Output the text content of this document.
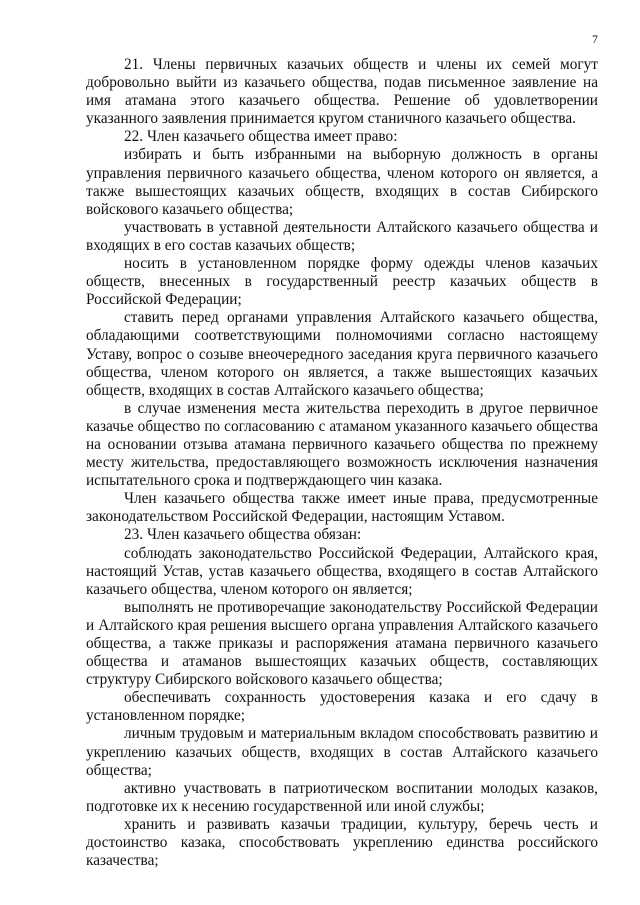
7

21. Члены первичных казачьих обществ и члены их семей могут добровольно выйти из казачьего общества, подав письменное заявление на имя атамана этого казачьего общества. Решение об удовлетворении указанного заявления принимается кругом станичного казачьего общества.

22. Член казачьего общества имеет право:

избирать и быть избранными на выборную должность в органы управления первичного казачьего общества, членом которого он является, а также вышестоящих казачьих обществ, входящих в состав Сибирского войскового казачьего общества;

участвовать в уставной деятельности Алтайского казачьего общества и входящих в его состав казачьих обществ;

носить в установленном порядке форму одежды членов казачьих обществ, внесенных в государственный реестр казачьих обществ в Российской Федерации;

ставить перед органами управления Алтайского казачьего общества, обладающими соответствующими полномочиями согласно настоящему Уставу, вопрос о созыве внеочередного заседания круга первичного казачьего общества, членом которого он является, а также вышестоящих казачьих обществ, входящих в состав Алтайского казачьего общества;

в случае изменения места жительства переходить в другое первичное казачье общество по согласованию с атаманом указанного казачьего общества на основании отзыва атамана первичного казачьего общества по прежнему месту жительства, предоставляющего возможность исключения назначения испытательного срока и подтверждающего чин казака.

Член казачьего общества также имеет иные права, предусмотренные законодательством Российской Федерации, настоящим Уставом.

23. Член казачьего общества обязан:

соблюдать законодательство Российской Федерации, Алтайского края, настоящий Устав, устав казачьего общества, входящего в состав Алтайского казачьего общества, членом которого он является;

выполнять не противоречащие законодательству Российской Федерации и Алтайского края решения высшего органа управления Алтайского казачьего общества, а также приказы и распоряжения атамана первичного казачьего общества и атаманов вышестоящих казачьих обществ, составляющих структуру Сибирского войскового казачьего общества;

обеспечивать сохранность удостоверения казака и его сдачу в установленном порядке;

личным трудовым и материальным вкладом способствовать развитию и укреплению казачьих обществ, входящих в состав Алтайского казачьего общества;

активно участвовать в патриотическом воспитании молодых казаков, подготовке их к несению государственной или иной службы;

хранить и развивать казачьи традиции, культуру, беречь честь и достоинство казака, способствовать укреплению единства российского казачества;
